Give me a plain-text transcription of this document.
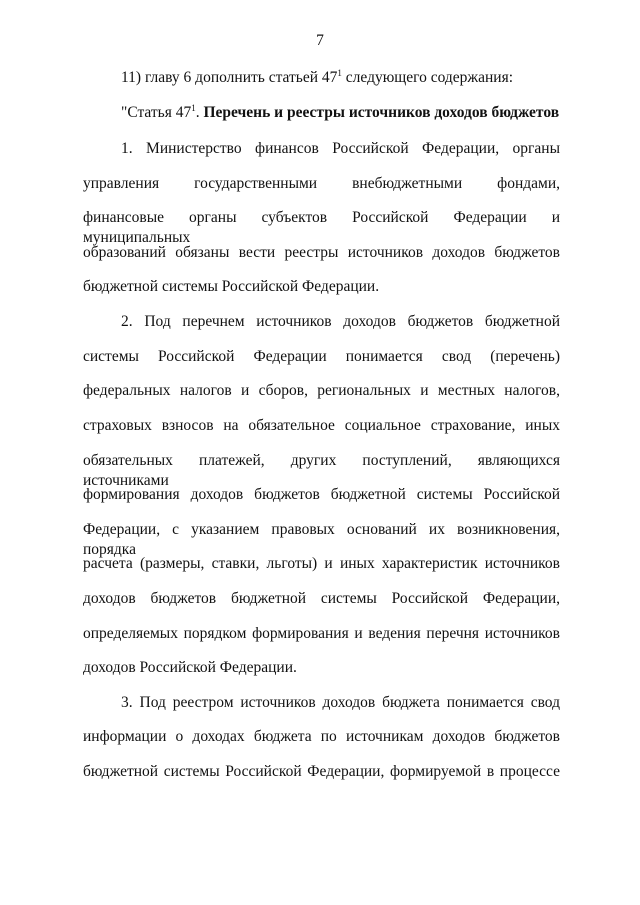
7
11) главу 6 дополнить статьей $47^1$ следующего содержания:
"Статья $47^1$. Перечень и реестры источников доходов бюджетов
1. Министерство финансов Российской Федерации, органы
управления государственными внебюджетными фондами,
финансовые органы субъектов Российской Федерации и муниципальных
образований обязаны вести реестры источников доходов бюджетов
бюджетной системы Российской Федерации.
2. Под перечнем источников доходов бюджетов бюджетной
системы Российской Федерации понимается свод (перечень)
федеральных налогов и сборов, региональных и местных налогов,
страховых взносов на обязательное социальное страхование, иных
обязательных платежей, других поступлений, являющихся источниками
формирования доходов бюджетов бюджетной системы Российской
Федерации, с указанием правовых оснований их возникновения, порядка
расчета (размеры, ставки, льготы) и иных характеристик источников
доходов бюджетов бюджетной системы Российской Федерации,
определяемых порядком формирования и ведения перечня источников
доходов Российской Федерации.
3. Под реестром источников доходов бюджета понимается свод
информации о доходах бюджета по источникам доходов бюджетов
бюджетной системы Российской Федерации, формируемой в процессе
